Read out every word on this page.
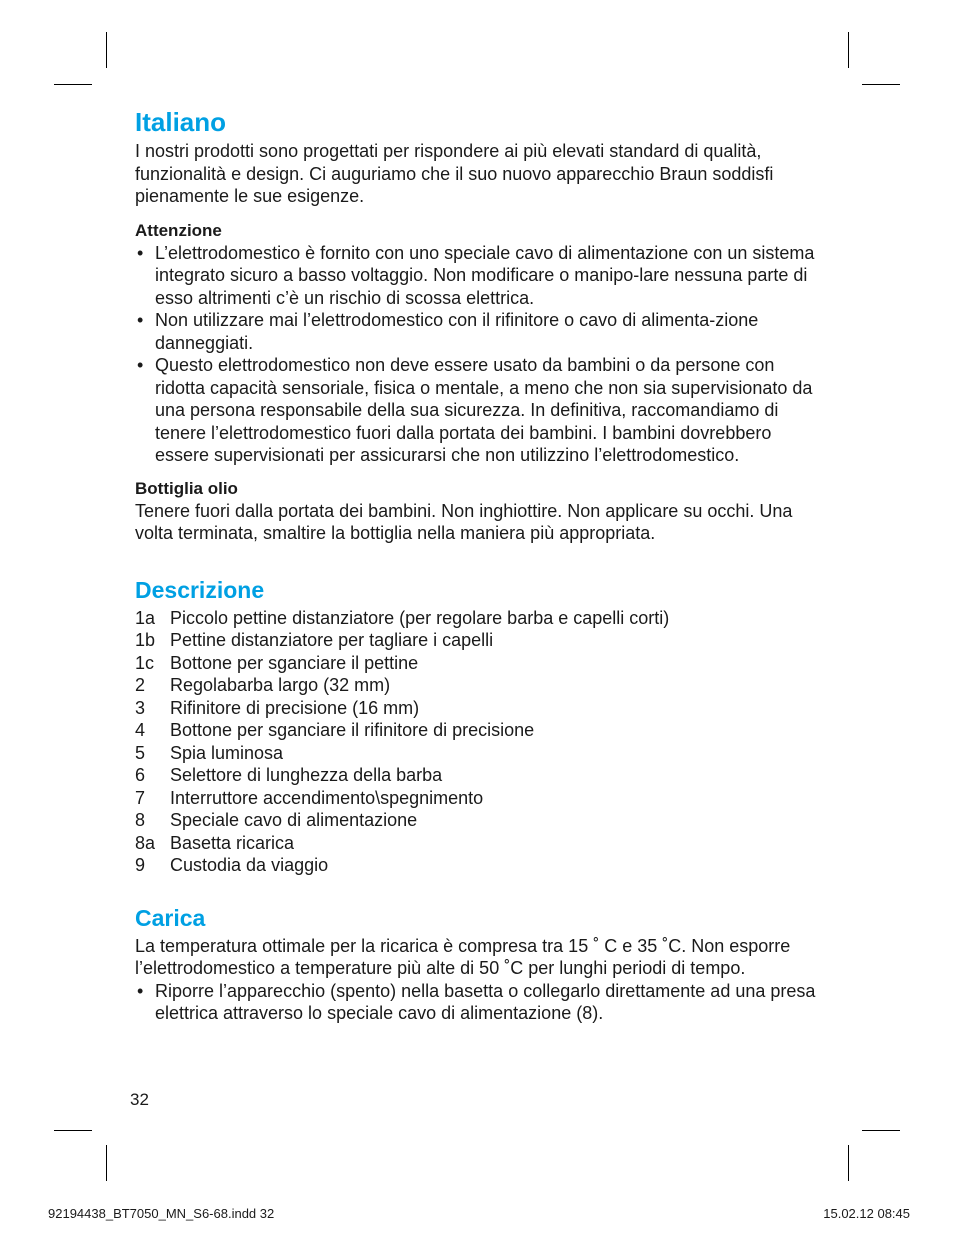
Italiano

I nostri prodotti sono progettati per rispondere ai più elevati standard di qualità, funzionalità e design. Ci auguriamo che il suo nuovo apparecchio Braun soddisfi pienamente le sue esigenze.

Attenzione
• L’elettrodomestico è fornito con uno speciale cavo di alimentazione con un sistema integrato sicuro a basso voltaggio. Non modificare o manipo-lare nessuna parte di esso altrimenti c’è un rischio di scossa elettrica.
• Non utilizzare mai l’elettrodomestico con il rifinitore o cavo di alimenta-zione danneggiati.
• Questo elettrodomestico non deve essere usato da bambini o da persone con ridotta capacità sensoriale, fisica o mentale, a meno che non sia supervisionato da una persona responsabile della sua sicurezza. In definitiva, raccomandiamo di tenere l’elettrodomestico fuori dalla portata dei bambini. I bambini dovrebbero essere supervisionati per assicurarsi che non utilizzino l’elettrodomestico.
Bottiglia olio

Tenere fuori dalla portata dei bambini. Non inghiottire. Non applicare su occhi. Una volta terminata, smaltire la bottiglia nella maniera più appropriata.

Descrizione
1a Piccolo pettine distanziatore (per regolare barba e capelli corti)
1b Pettine distanziatore per tagliare i capelli
1c Bottone per sganciare il pettine
2	Regolabarba largo (32 mm)
3	Rifinitore di precisione (16 mm)
4	Bottone per sganciare il rifinitore di precisione
5	Spia luminosa
6	Selettore di lunghezza della barba
7	Interruttore accendimento\spegnimento
8	Speciale cavo di alimentazione
8a Basetta ricarica
9	Custodia da viaggio
Carica

La temperatura ottimale per la ricarica è compresa tra 15 ˚ C e 35 ˚C. Non esporre l’elettrodomestico a temperature più alte di 50 ˚C per lunghi periodi di tempo.

• Riporre l’apparecchio (spento) nella basetta o collegarlo direttamente ad una presa elettrica attraverso lo speciale cavo di alimentazione (8).
32
92194438_BT7050_MN_S6-68.indd 32	15.02.12 08:45
